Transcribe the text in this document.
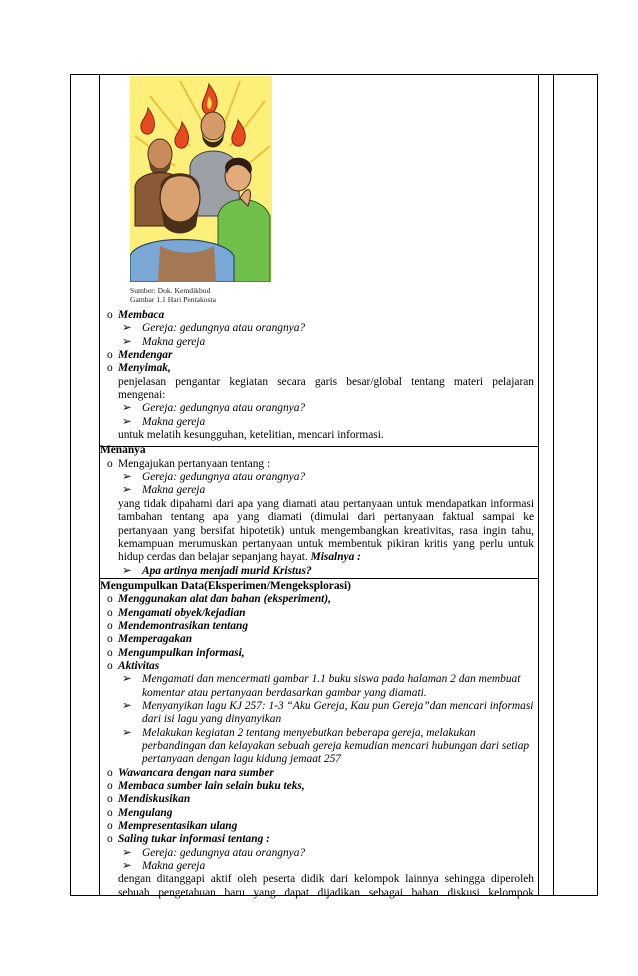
Sumber: Dok. Kemdikbud
Gambar 1.1 Hari Pentakosta
o Membaca
➢ Gereja: gedungnya atau orangnya?
➢ Makna gereja
o Mendengar
o Menyimak,
penjelasan pengantar kegiatan secara garis besar/global tentang materi pelajaran
mengenai:
➢ Gereja: gedungnya atau orangnya?
➢ Makna gereja
untuk melatih kesungguhan, ketelitian, mencari informasi.
Menanya
o Mengajukan pertanyaan tentang :
➢ Gereja: gedungnya atau orangnya?
➢ Makna gereja
yang tidak dipahami dari apa yang diamati atau pertanyaan untuk mendapatkan informasi
tambahan tentang apa yang diamati (dimulai dari pertanyaan faktual sampai ke
pertanyaan yang bersifat hipotetik) untuk mengembangkan kreativitas, rasa ingin tahu,
kemampuan merumuskan pertanyaan untuk membentuk pikiran kritis yang perlu untuk
hidup cerdas dan belajar sepanjang hayat. Misalnya :
➢ Apa artinya menjadi murid Kristus?
Mengumpulkan Data(Eksperimen/Mengeksplorasi)
o Menggunakan alat dan bahan (eksperiment),
o Mengamati obyek/kejadian
o Mendemontrasikan tentang
o Memperagakan
o Mengumpulkan informasi,
o Aktivitas
➢ Mengamati dan mencermati gambar 1.1 buku siswa pada halaman 2 dan membuat
komentar atau pertanyaan berdasarkan gambar yang diamati.
➢ Menyanyikan lagu KJ 257: 1-3 “Aku Gereja, Kau pun Gereja”dan mencari informasi
dari isi lagu yang dinyanyikan
➢ Melakukan kegiatan 2 tentang menyebutkan beberapa gereja, melakukan
perbandingan dan kelayakan sebuah gereja kemudian mencari hubungan dari setiap
pertanyaan dengan lagu kidung jemaat 257
o Wawancara dengan nara sumber
o Membaca sumber lain selain buku teks,
o Mendiskusikan
o Mengulang
o Mempresentasikan ulang
o Saling tukar informasi tentang :
➢ Gereja: gedungnya atau orangnya?
➢ Makna gereja
dengan ditanggapi aktif oleh peserta didik dari kelompok lainnya sehingga diperoleh
sebuah pengetahuan baru yang dapat dijadikan sebagai bahan diskusi kelompok
